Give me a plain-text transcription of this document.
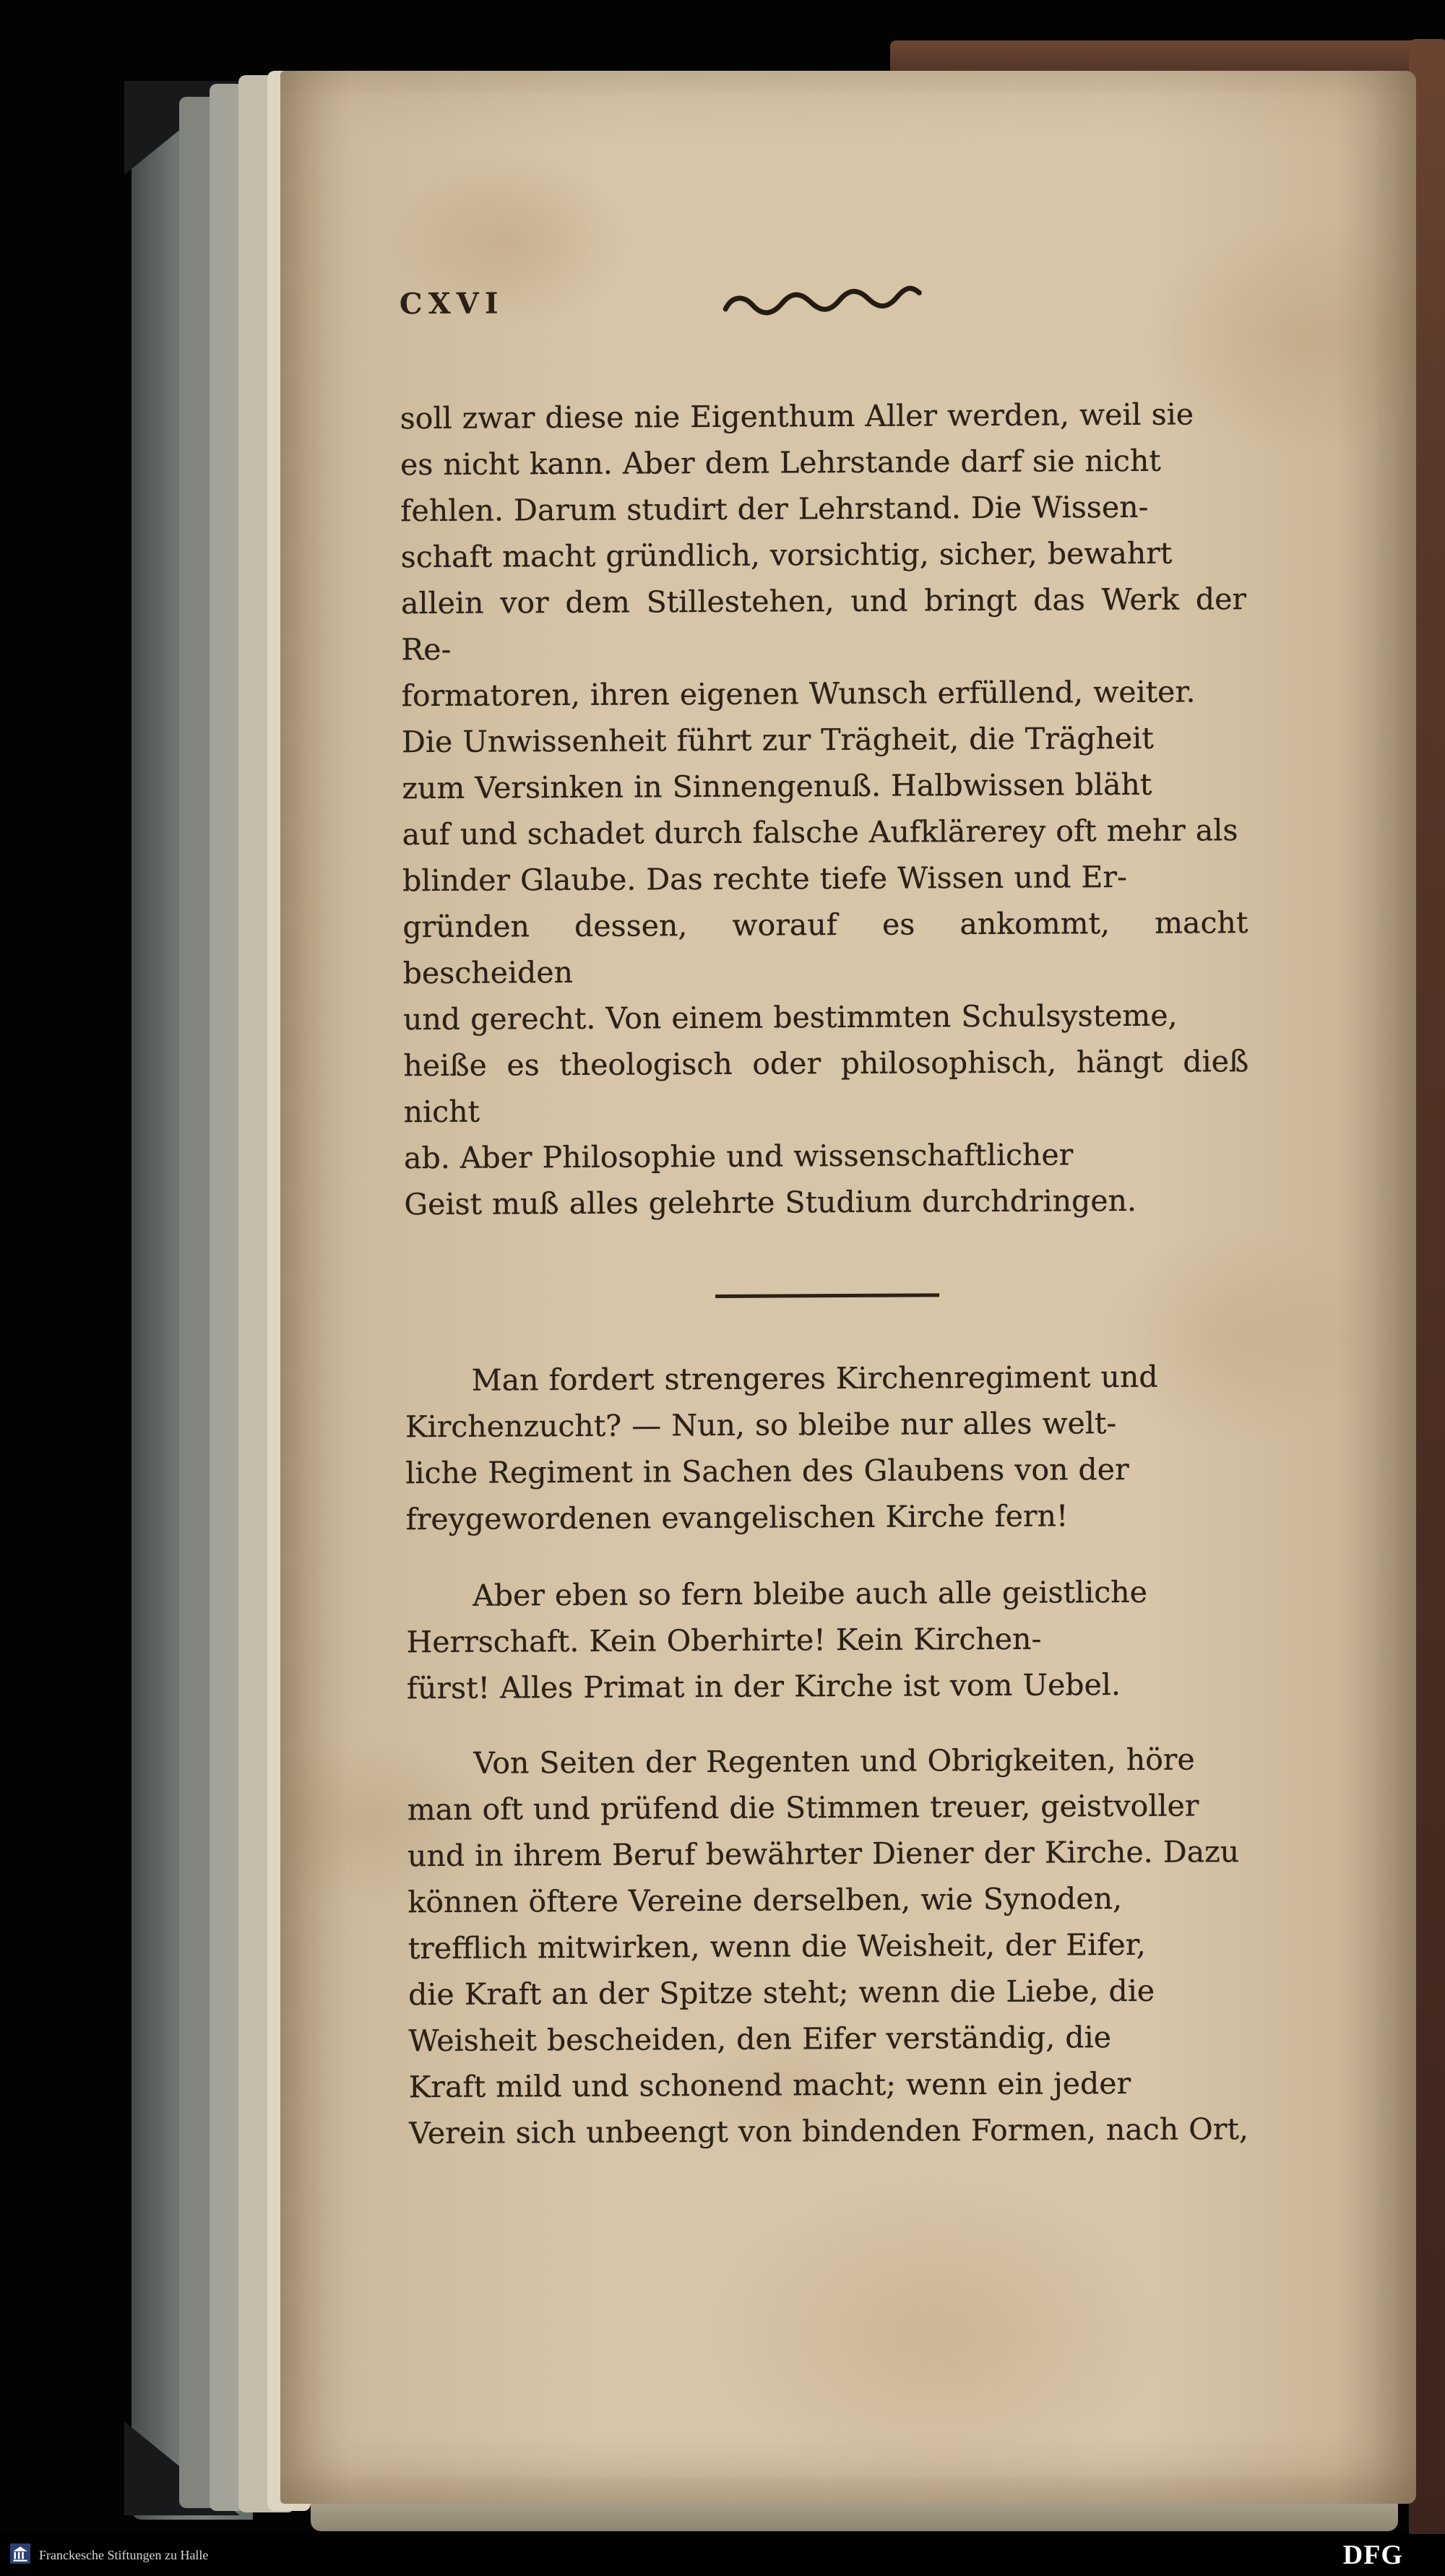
CXVI

soll zwar diese nie Eigenthum Aller werden, weil sie
es nicht kann. Aber dem Lehrstande darf sie nicht
fehlen. Darum studirt der Lehrstand. Die Wissen-
schaft macht gründlich, vorsichtig, sicher, bewahrt
allein vor dem Stillestehen, und bringt das Werk der Re-
formatoren, ihren eigenen Wunsch erfüllend, weiter.
Die Unwissenheit führt zur Trägheit, die Trägheit
zum Versinken in Sinnengenuß. Halbwissen bläht
auf und schadet durch falsche Aufklärerey oft mehr als
blinder Glaube. Das rechte tiefe Wissen und Er-
gründen dessen, worauf es ankommt, macht bescheiden
und gerecht. Von einem bestimmten Schulsysteme,
heiße es theologisch oder philosophisch, hängt dieß nicht
ab. Aber Philosophie und wissenschaftlicher
Geist muß alles gelehrte Studium durchdringen.

Man fordert strengeres Kirchenregiment und
Kirchenzucht? — Nun, so bleibe nur alles welt-
liche Regiment in Sachen des Glaubens von der
freygewordenen evangelischen Kirche fern!

Aber eben so fern bleibe auch alle geistliche
Herrschaft. Kein Oberhirte! Kein Kirchen-
fürst! Alles Primat in der Kirche ist vom Uebel.

Von Seiten der Regenten und Obrigkeiten, höre
man oft und prüfend die Stimmen treuer, geistvoller
und in ihrem Beruf bewährter Diener der Kirche. Dazu
können öftere Vereine derselben, wie Synoden,
trefflich mitwirken, wenn die Weisheit, der Eifer,
die Kraft an der Spitze steht; wenn die Liebe, die
Weisheit bescheiden, den Eifer verständig, die
Kraft mild und schonend macht; wenn ein jeder
Verein sich unbeengt von bindenden Formen, nach Ort,

Franckesche Stiftungen zu Halle	DFG
